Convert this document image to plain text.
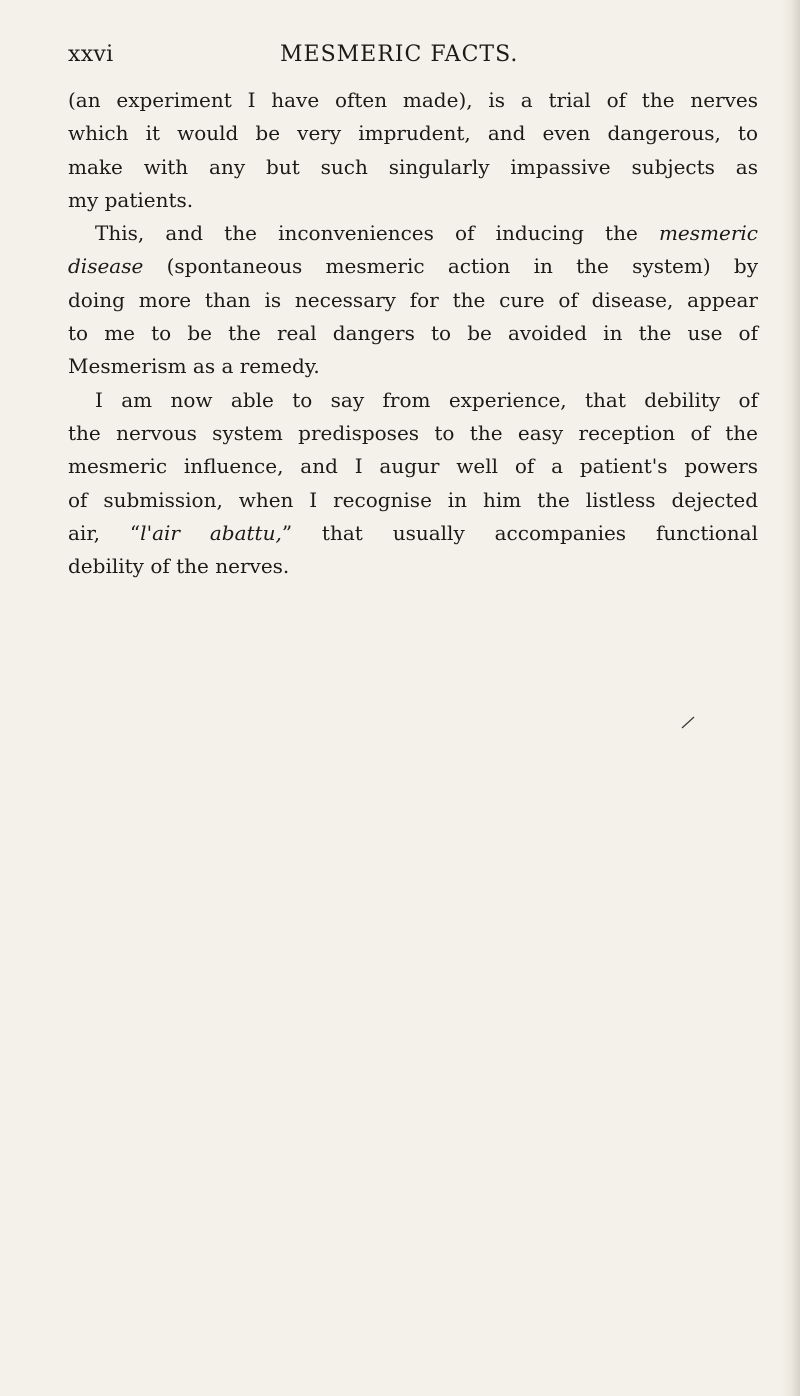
xxvi	MESMERIC FACTS.
(an experiment I have often made), is a trial of the nerves
which it would be very imprudent, and even dangerous, to
make with any but such singularly impassive subjects as
my patients.
This, and the inconveniences of inducing the mesmeric
disease (spontaneous mesmeric action in the system) by
doing more than is necessary for the cure of disease, appear
to me to be the real dangers to be avoided in the use of
Mesmerism as a remedy.
I am now able to say from experience, that debility of
the nervous system predisposes to the easy reception of the
mesmeric influence, and I augur well of a patient's powers
of submission, when I recognise in him the listless dejected
air, “l'air abattu,” that usually accompanies functional
debility of the nerves.
